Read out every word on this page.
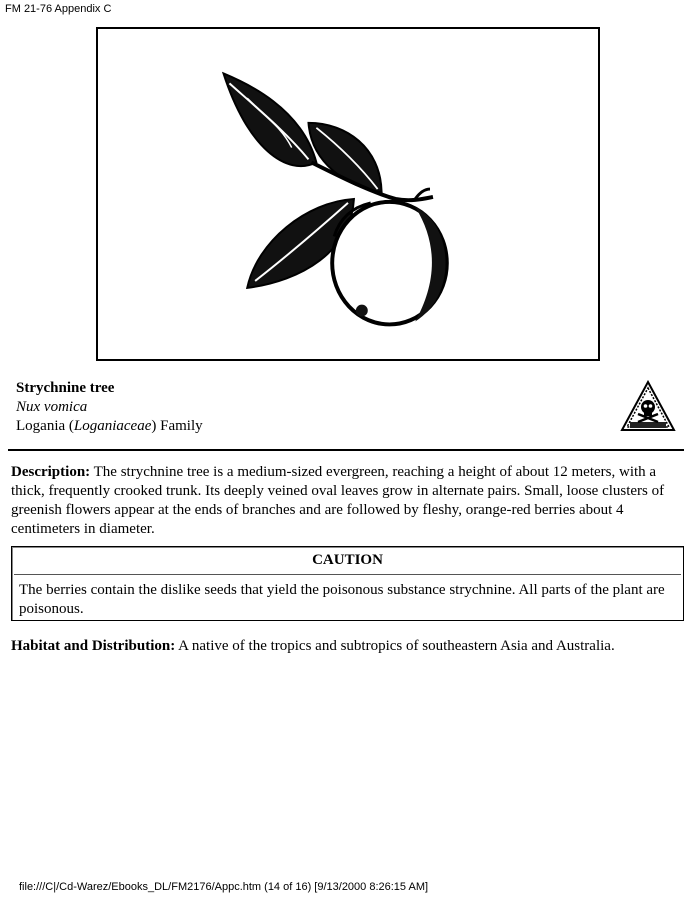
FM 21-76 Appendix C
Strychnine tree
Nux vomica
Logania (Loganiaceae) Family
Description: The strychnine tree is a medium-sized evergreen, reaching a height of about 12 meters, with a thick, frequently crooked trunk. Its deeply veined oval leaves grow in alternate pairs. Small, loose clusters of greenish flowers appear at the ends of branches and are followed by fleshy, orange-red berries about 4 centimeters in diameter.
CAUTION
The berries contain the dislike seeds that yield the poisonous substance strychnine. All parts of the plant are poisonous.
Habitat and Distribution: A native of the tropics and subtropics of southeastern Asia and Australia.
file:///C|/Cd-Warez/Ebooks_DL/FM2176/Appc.htm (14 of 16) [9/13/2000 8:26:15 AM]
